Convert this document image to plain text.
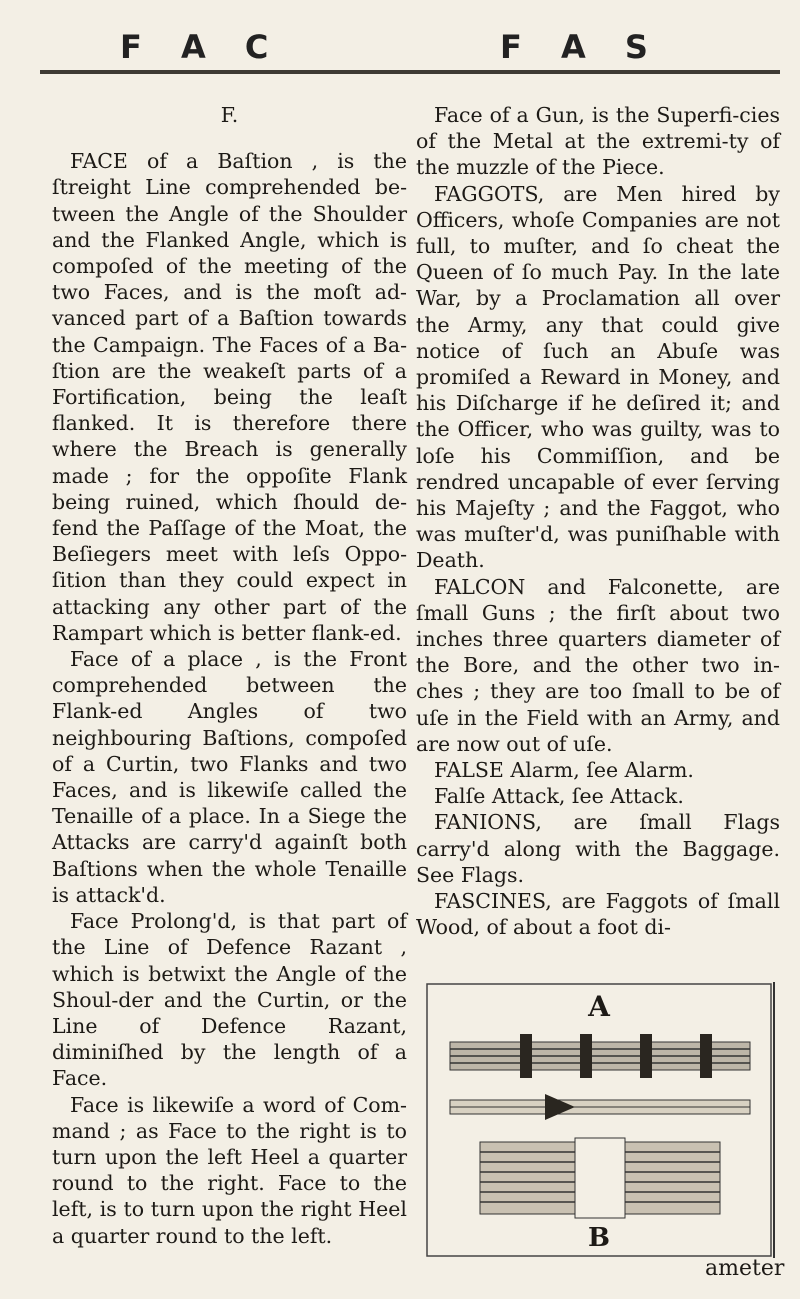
F A C	F A S

F.

FACE of a Baſtion , is the ſtreight Line comprehended be-tween the Angle of the Shoulder and the Flanked Angle, which is compoſed of the meeting of the two Faces, and is the moſt ad-vanced part of a Baſtion towards the Campaign. The Faces of a Ba-ſtion are the weakeſt parts of a Fortification, being the leaſt flanked. It is therefore there where the Breach is generally made ; for the oppoſite Flank being ruined, which ſhould de-fend the Paſſage of the Moat, the Beſiegers meet with leſs Oppo-ſition than they could expect in attacking any other part of the Rampart which is better flank-ed.

Face of a place , is the Front comprehended between the Flank-ed Angles of two neighbouring Baſtions, compoſed of a Curtin, two Flanks and two Faces, and is likewiſe called the Tenaille of a place. In a Siege the Attacks are carry'd againſt both Baſtions when the whole Tenaille is attack'd.

Face Prolong'd, is that part of the Line of Defence Razant , which is betwixt the Angle of the Shoul-der and the Curtin, or the Line of Defence Razant, diminiſhed by the length of a Face.

Face is likewiſe a word of Com-mand ; as Face to the right is to turn upon the left Heel a quarter round to the right. Face to the left, is to turn upon the right Heel a quarter round to the left.

Face of a Gun, is the Superfi-cies of the Metal at the extremi-ty of the muzzle of the Piece.

FAGGOTS, are Men hired by Officers, whoſe Companies are not full, to muſter, and ſo cheat the Queen of ſo much Pay. In the late War, by a Proclamation all over the Army, any that could give notice of ſuch an Abuſe was promiſed a Reward in Money, and his Diſcharge if he deſired it; and the Officer, who was guilty, was to loſe his Commiſſion, and be rendred uncapable of ever ſerving his Majeſty ; and the Faggot, who was muſter'd, was puniſhable with Death.

FALCON and Falconette, are ſmall Guns ; the firſt about two inches three quarters diameter of the Bore, and the other two in-ches ; they are too ſmall to be of uſe in the Field with an Army, and are now out of uſe.

FALSE Alarm, ſee Alarm.

Falſe Attack, ſee Attack.

FANIONS, are ſmall Flags carry'd along with the Baggage. See Flags.

FASCINES, are Faggots of ſmall Wood, of about a foot di-

A
B
ameter
